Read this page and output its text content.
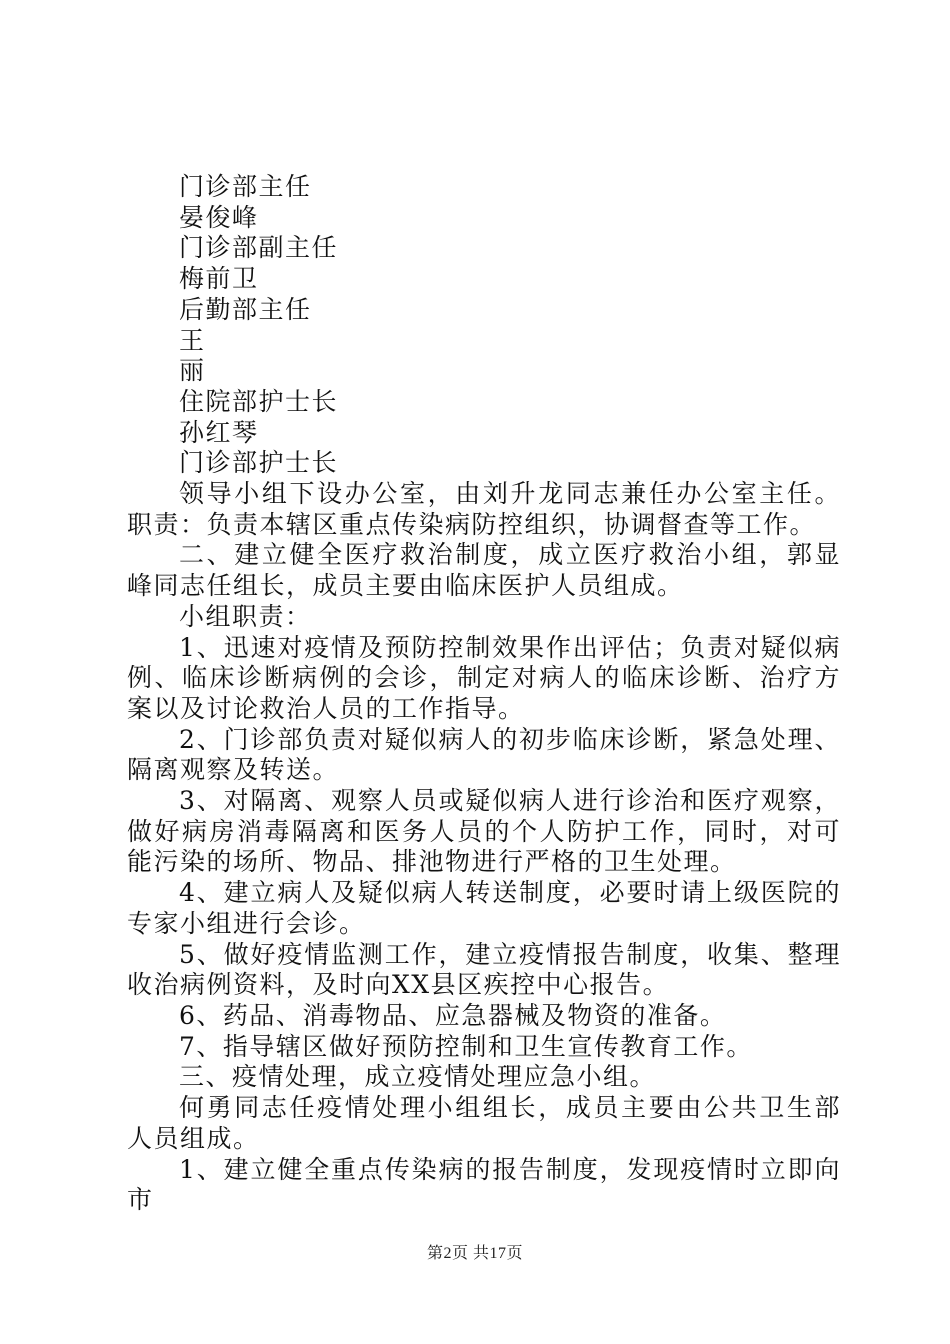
门诊部主任
晏俊峰
门诊部副主任
梅前卫
后勤部主任
王
丽
住院部护士长
孙红琴
门诊部护士长

领导小组下设办公室，由刘升龙同志兼任办公室主任。职责：负责本辖区重点传染病防控组织，协调督查等工作。

二、建立健全医疗救治制度，成立医疗救治小组，郭显峰同志任组长，成员主要由临床医护人员组成。

小组职责：

1、迅速对疫情及预防控制效果作出评估；负责对疑似病例、临床诊断病例的会诊，制定对病人的临床诊断、治疗方案以及讨论救治人员的工作指导。

2、门诊部负责对疑似病人的初步临床诊断，紧急处理、隔离观察及转送。

3、对隔离、观察人员或疑似病人进行诊治和医疗观察，做好病房消毒隔离和医务人员的个人防护工作，同时，对可能污染的场所、物品、排池物进行严格的卫生处理。

4、建立病人及疑似病人转送制度，必要时请上级医院的专家小组进行会诊。

5、做好疫情监测工作，建立疫情报告制度，收集、整理收治病例资料，及时向XX县区疾控中心报告。

6、药品、消毒物品、应急器械及物资的准备。

7、指导辖区做好预防控制和卫生宣传教育工作。

三、疫情处理，成立疫情处理应急小组。

何勇同志任疫情处理小组组长，成员主要由公共卫生部人员组成。

1、建立健全重点传染病的报告制度，发现疫情时立即向市

第2页 共17页
